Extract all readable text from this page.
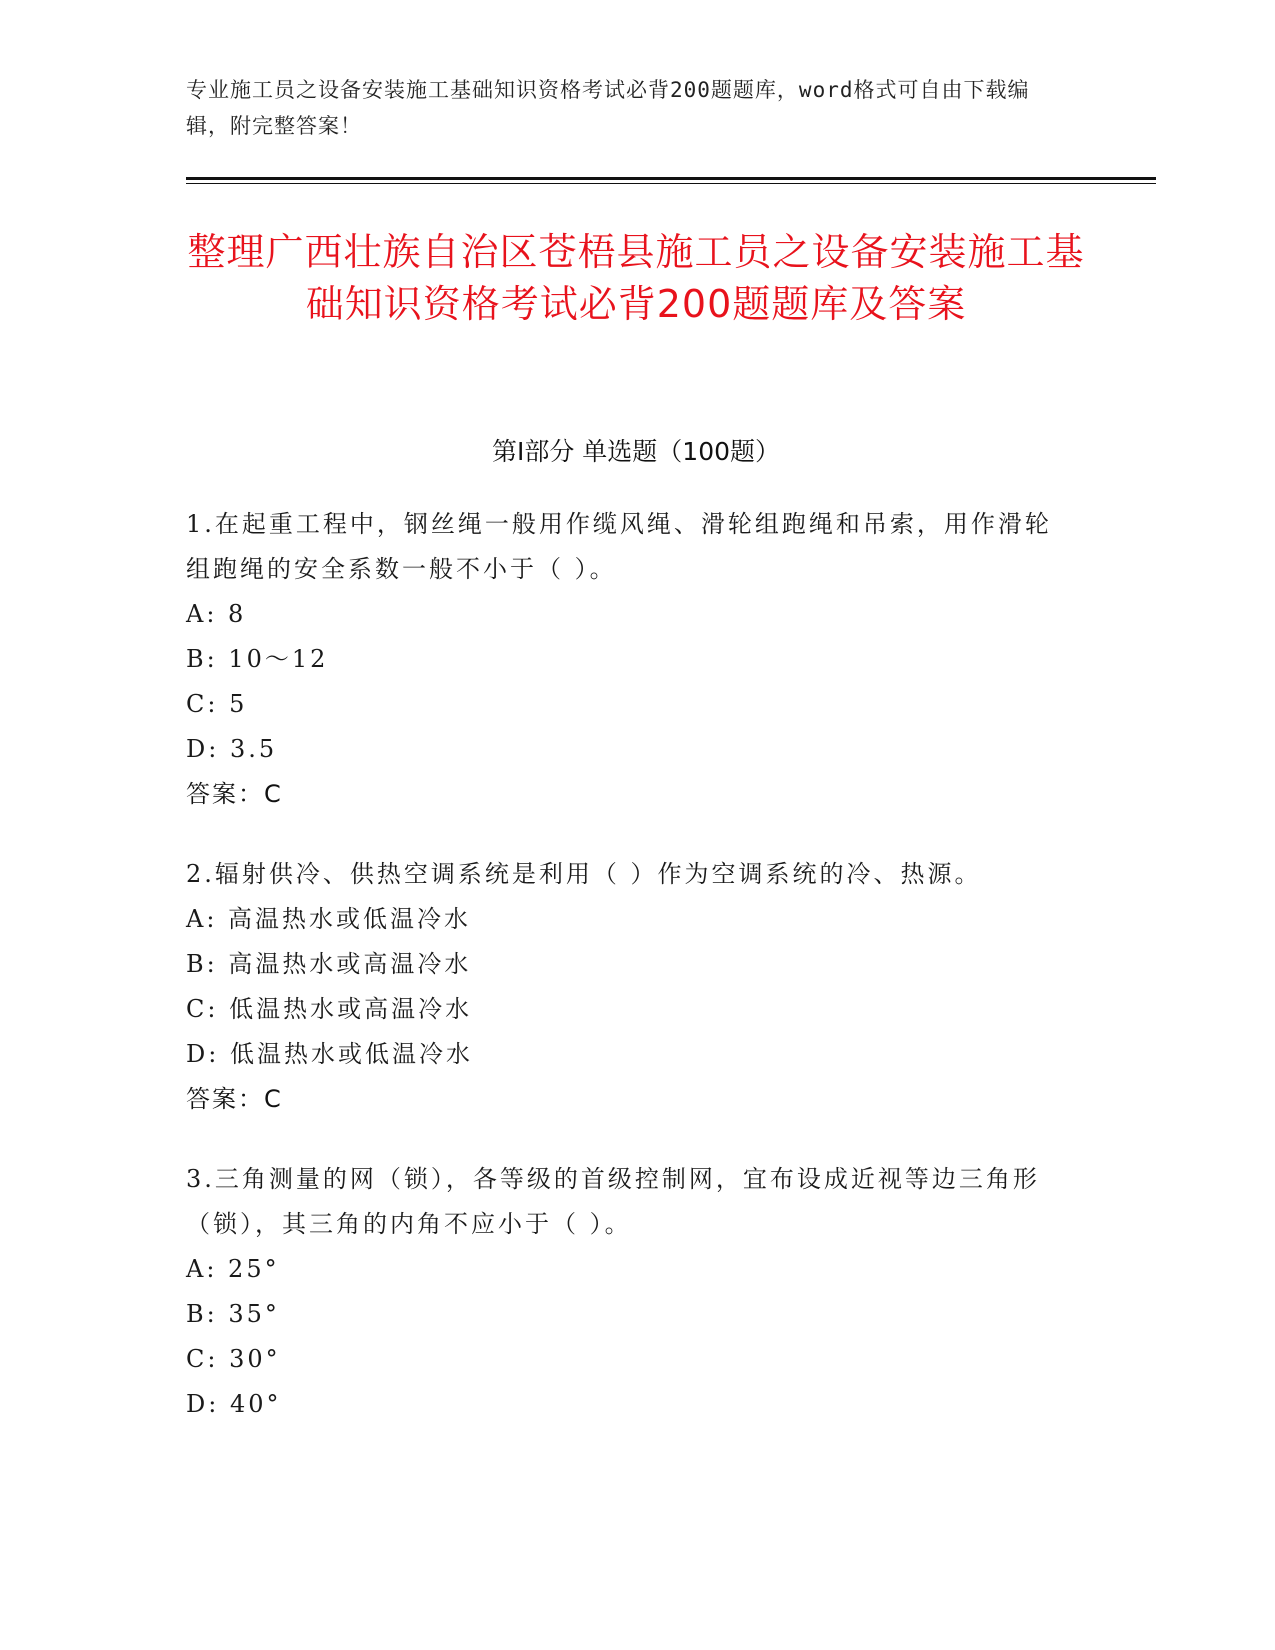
专业施工员之设备安装施工基础知识资格考试必背200题题库，word格式可自由下载编辑，附完整答案！
整理广西壮族自治区苍梧县施工员之设备安装施工基础知识资格考试必背200题题库及答案
第Ⅰ部分 单选题（100题）
1.在起重工程中，钢丝绳一般用作缆风绳、滑轮组跑绳和吊索，用作滑轮组跑绳的安全系数一般不小于（ ）。
A: 8
B: 10～12
C: 5
D: 3.5
答案：C
2.辐射供冷、供热空调系统是利用（ ）作为空调系统的冷、热源。
A: 高温热水或低温冷水
B: 高温热水或高温冷水
C: 低温热水或高温冷水
D: 低温热水或低温冷水
答案：C
3.三角测量的网（锁），各等级的首级控制网，宜布设成近视等边三角形（锁），其三角的内角不应小于（ ）。
A: 25°
B: 35°
C: 30°
D: 40°
